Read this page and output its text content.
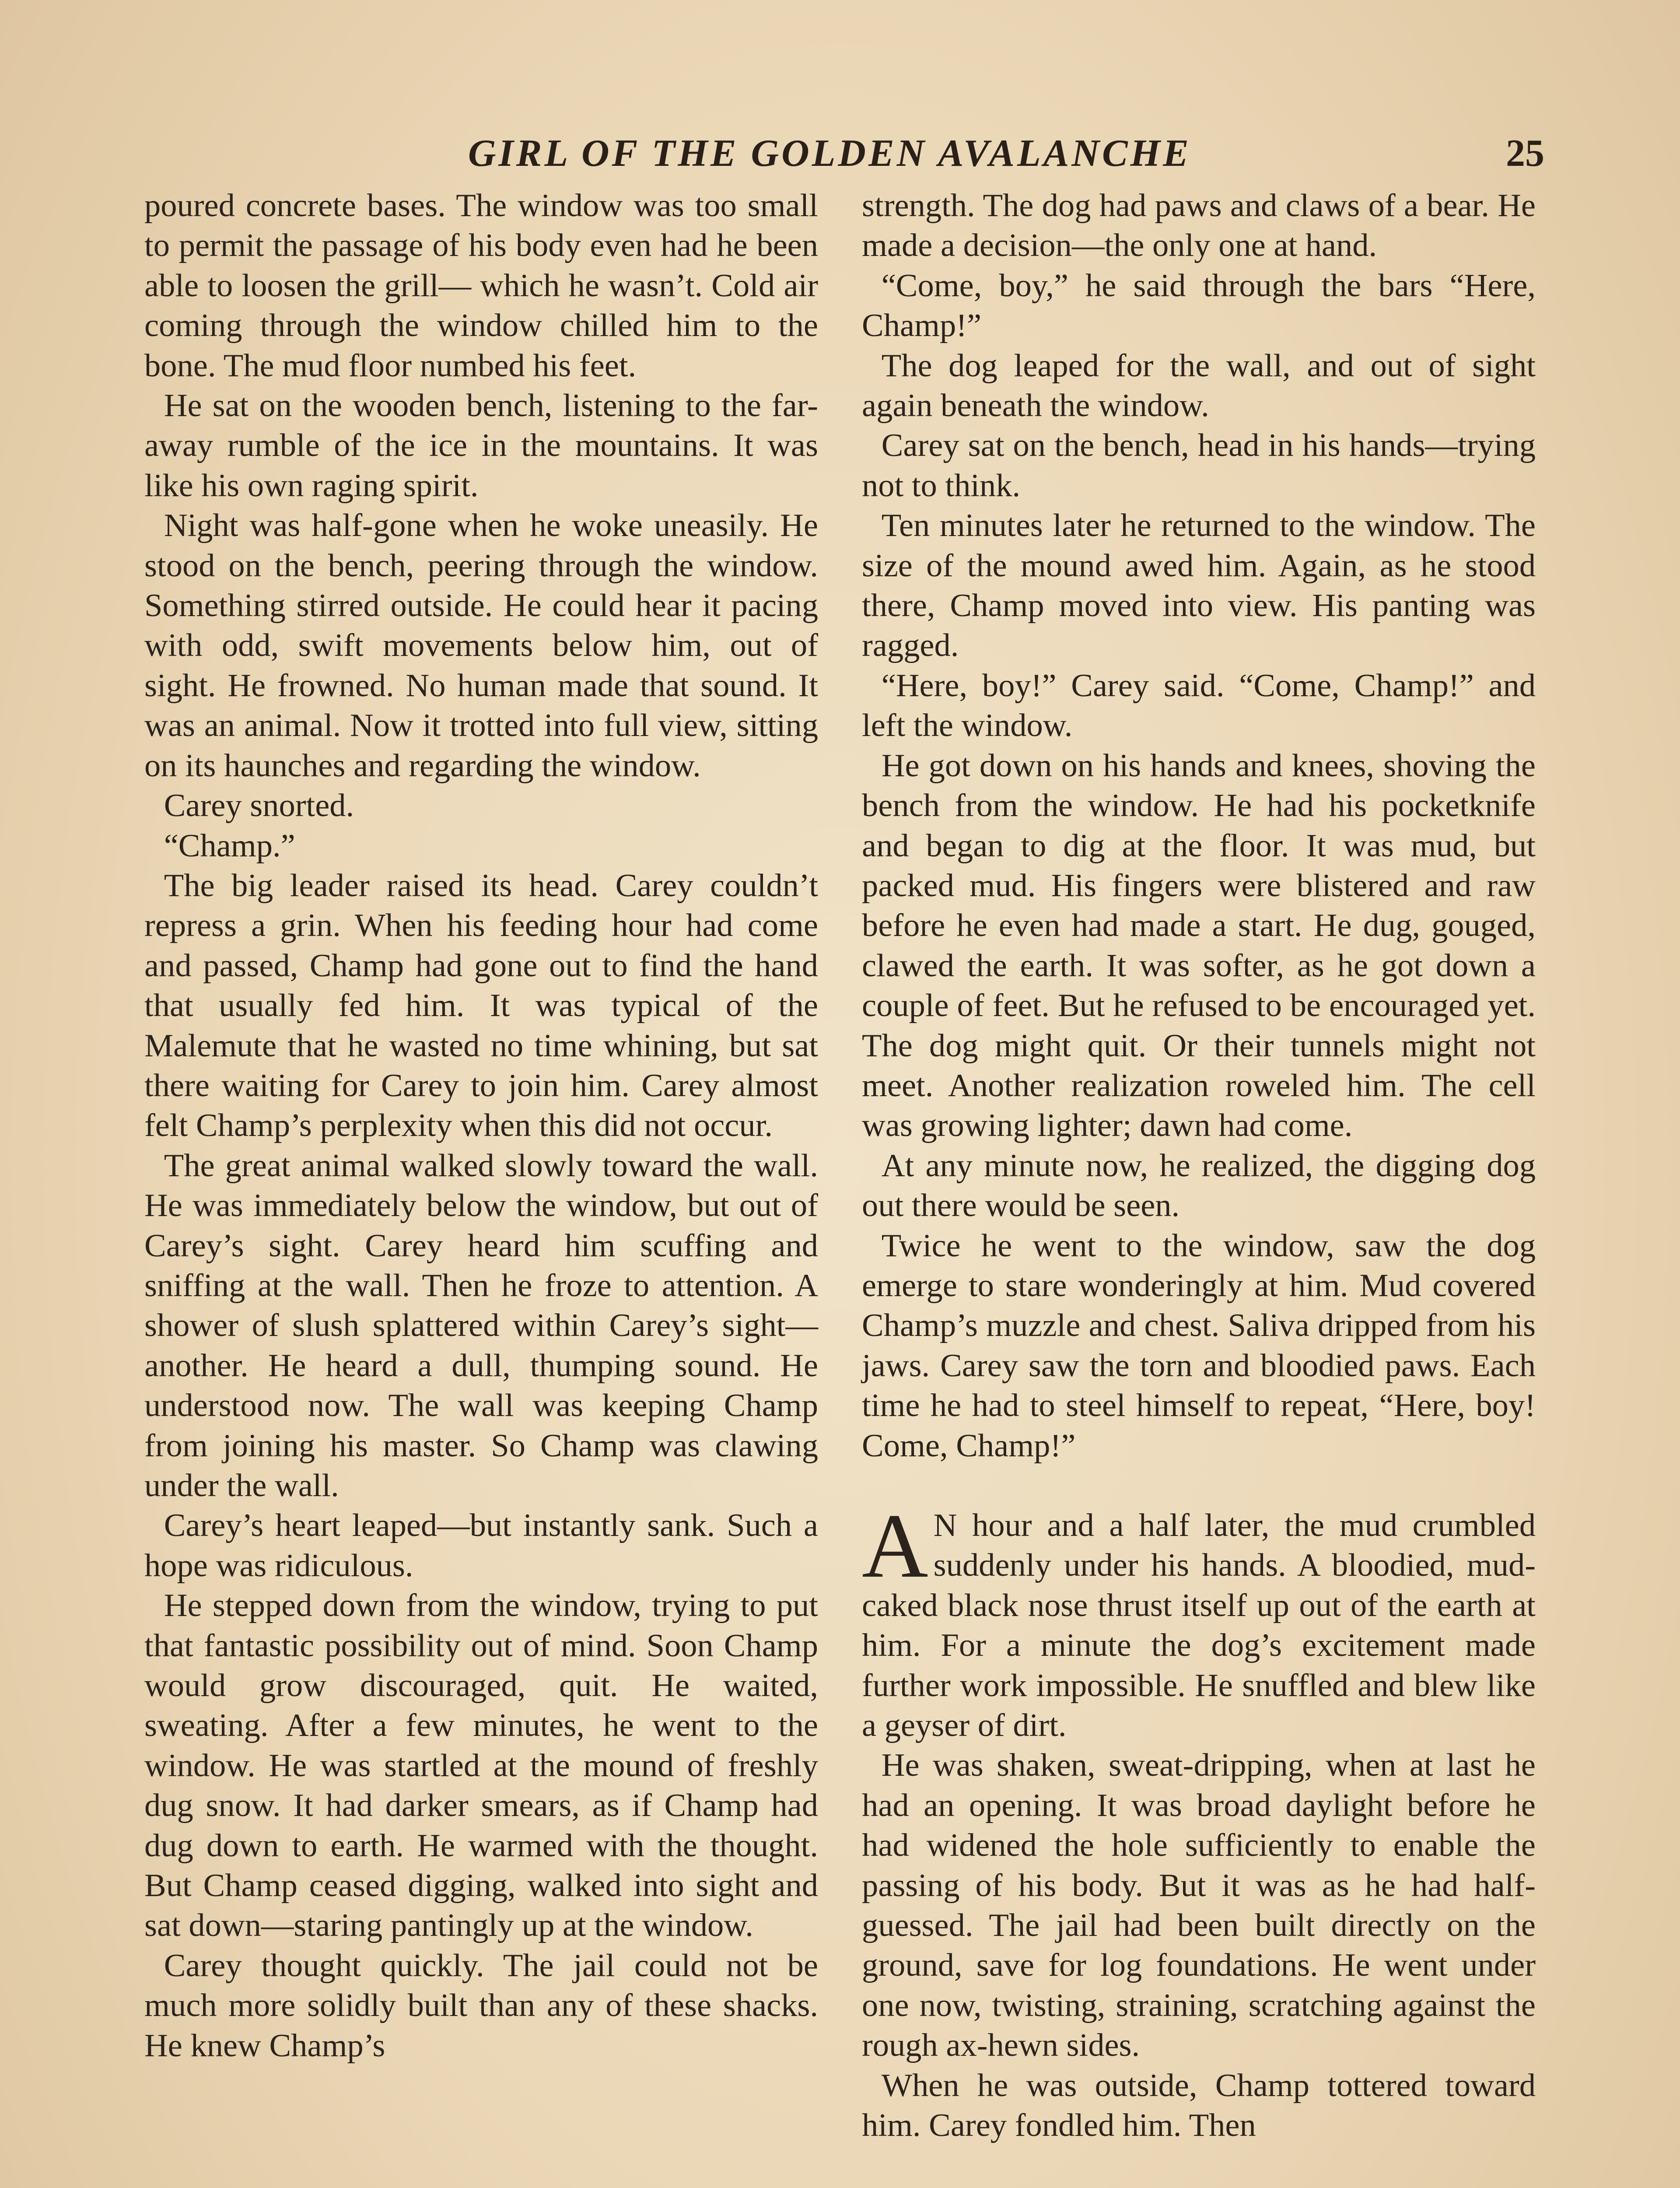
GIRL OF THE GOLDEN AVALANCHE	25

poured concrete bases. The window was too small to permit the passage of his body even had he been able to loosen the grill— which he wasn’t. Cold air coming through the window chilled him to the bone. The mud floor numbed his feet.

He sat on the wooden bench, listening to the far-away rumble of the ice in the mountains. It was like his own raging spirit.

Night was half-gone when he woke uneasily. He stood on the bench, peering through the window. Something stirred outside. He could hear it pacing with odd, swift movements below him, out of sight. He frowned. No human made that sound. It was an animal. Now it trotted into full view, sitting on its haunches and regarding the window.

Carey snorted.

“Champ.”

The big leader raised its head. Carey couldn’t repress a grin. When his feeding hour had come and passed, Champ had gone out to find the hand that usually fed him. It was typical of the Malemute that he wasted no time whining, but sat there waiting for Carey to join him. Carey almost felt Champ’s perplexity when this did not occur.

The great animal walked slowly toward the wall. He was immediately below the window, but out of Carey’s sight. Carey heard him scuffing and sniffing at the wall. Then he froze to attention. A shower of slush splattered within Carey’s sight—another. He heard a dull, thumping sound. He understood now. The wall was keeping Champ from joining his master. So Champ was clawing under the wall.

Carey’s heart leaped—but instantly sank. Such a hope was ridiculous.

He stepped down from the window, trying to put that fantastic possibility out of mind. Soon Champ would grow discouraged, quit. He waited, sweating. After a few minutes, he went to the window. He was startled at the mound of freshly dug snow. It had darker smears, as if Champ had dug down to earth. He warmed with the thought. But Champ ceased digging, walked into sight and sat down—staring pantingly up at the window.

Carey thought quickly. The jail could not be much more solidly built than any of these shacks. He knew Champ’s

strength. The dog had paws and claws of a bear. He made a decision—the only one at hand.

“Come, boy,” he said through the bars “Here, Champ!”

The dog leaped for the wall, and out of sight again beneath the window.

Carey sat on the bench, head in his hands—trying not to think.

Ten minutes later he returned to the window. The size of the mound awed him. Again, as he stood there, Champ moved into view. His panting was ragged.

“Here, boy!” Carey said. “Come, Champ!” and left the window.

He got down on his hands and knees, shoving the bench from the window. He had his pocketknife and began to dig at the floor. It was mud, but packed mud. His fingers were blistered and raw before he even had made a start. He dug, gouged, clawed the earth. It was softer, as he got down a couple of feet. But he refused to be encouraged yet. The dog might quit. Or their tunnels might not meet. Another realization roweled him. The cell was growing lighter; dawn had come.

At any minute now, he realized, the digging dog out there would be seen.

Twice he went to the window, saw the dog emerge to stare wonderingly at him. Mud covered Champ’s muzzle and chest. Saliva dripped from his jaws. Carey saw the torn and bloodied paws. Each time he had to steel himself to repeat, “Here, boy! Come, Champ!”

A N hour and a half later, the mud crumbled suddenly under his hands. A bloodied, mud-caked black nose thrust itself up out of the earth at him. For a minute the dog’s excitement made further work impossible. He snuffled and blew like a geyser of dirt.

He was shaken, sweat-dripping, when at last he had an opening. It was broad daylight before he had widened the hole sufficiently to enable the passing of his body. But it was as he had half-guessed. The jail had been built directly on the ground, save for log foundations. He went under one now, twisting, straining, scratching against the rough ax-hewn sides.

When he was outside, Champ tottered toward him. Carey fondled him. Then
